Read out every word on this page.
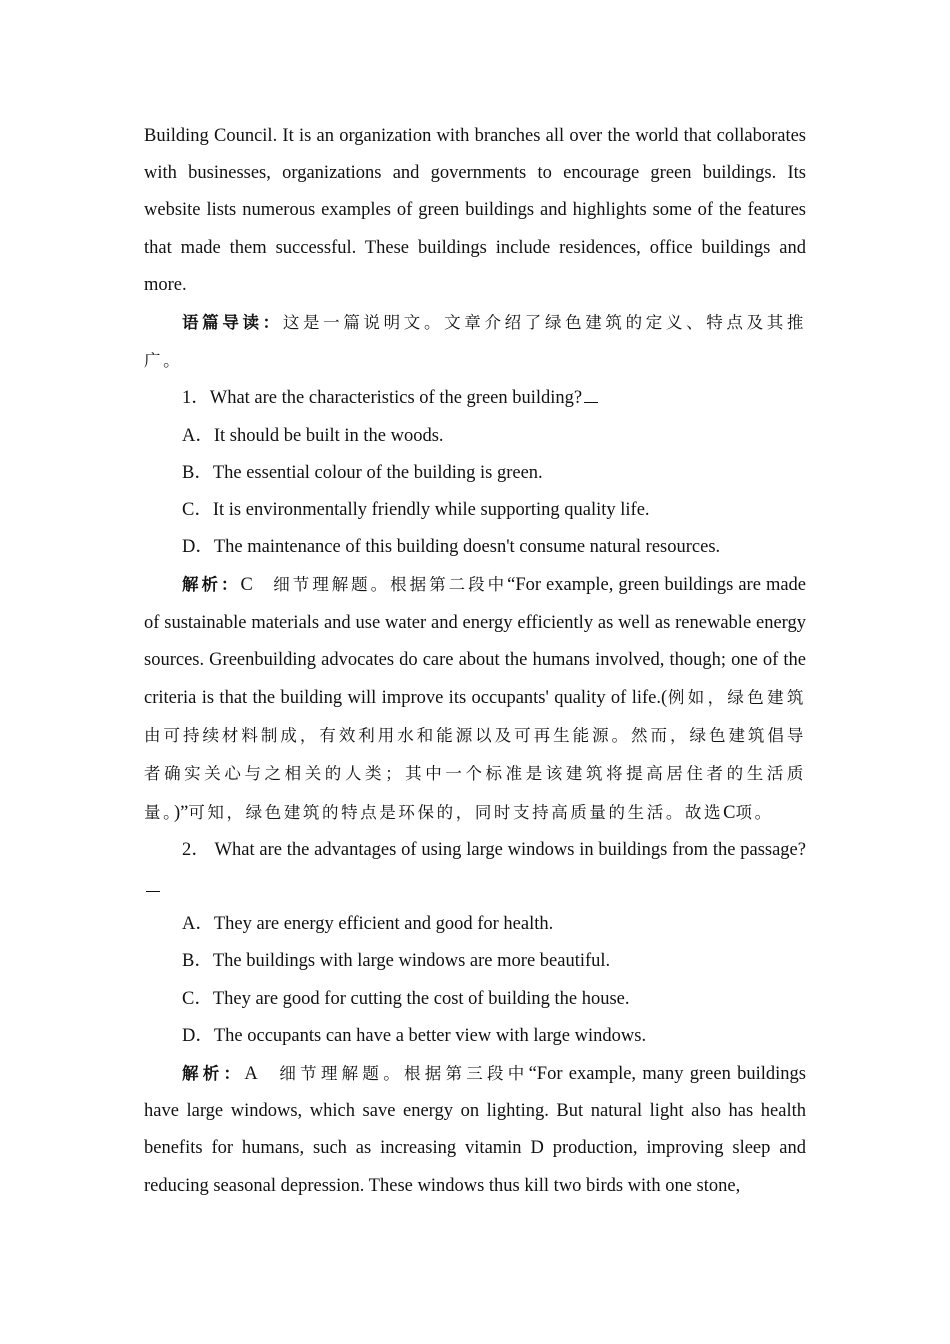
Building Council. It is an organization with branches all over the world that collaborates with businesses, organizations and governments to encourage green buildings. Its website lists numerous examples of green buildings and highlights some of the features that made them successful. These buildings include residences, office buildings and more.

语篇导读：这是一篇说明文。文章介绍了绿色建筑的定义、特点及其推广。

1．What are the characteristics of the green building?

A．It should be built in the woods.

B．The essential colour of the building is green.

C．It is environmentally friendly while supporting quality life.

D．The maintenance of this building doesn't consume natural resources.

解析：C 细节理解题。根据第二段中“For example, green buildings are made of sustainable materials and use water and energy efficiently as well as renewable energy sources. Greenbuilding advocates do care about the humans involved, though; one of the criteria is that the building will improve its occupants' quality of life.(例如，绿色建筑由可持续材料制成，有效利用水和能源以及可再生能源。然而，绿色建筑倡导者确实关心与之相关的人类；其中一个标准是该建筑将提高居住者的生活质量。)”可知，绿色建筑的特点是环保的，同时支持高质量的生活。故选C项。

2． What are the advantages of using large windows in buildings from the passage?

A．They are energy efficient and good for health.

B．The buildings with large windows are more beautiful.

C．They are good for cutting the cost of building the house.

D．The occupants can have a better view with large windows.

解析：A 细节理解题。根据第三段中“For example, many green buildings have large windows, which save energy on lighting. But natural light also has health benefits for humans, such as increasing vitamin D production, improving sleep and reducing seasonal depression. These windows thus kill two birds with one stone,
